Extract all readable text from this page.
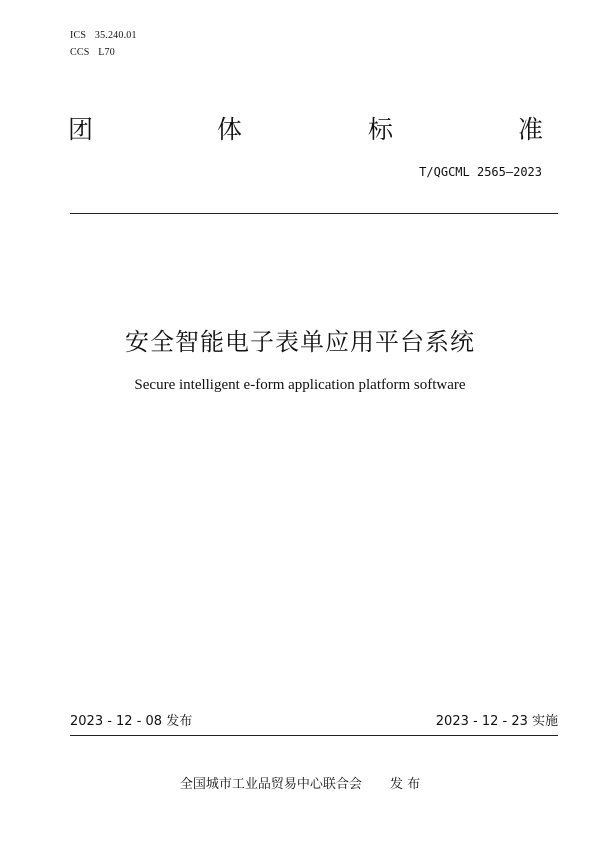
ICS 35.240.01
CCS L70
团	体	标	准
T/QGCML 2565—2023
安全智能电子表单应用平台系统
Secure intelligent e-form application platform software
2023 - 12 - 08 发布	2023 - 12 - 23 实施
全国城市工业品贸易中心联合会 发 布
